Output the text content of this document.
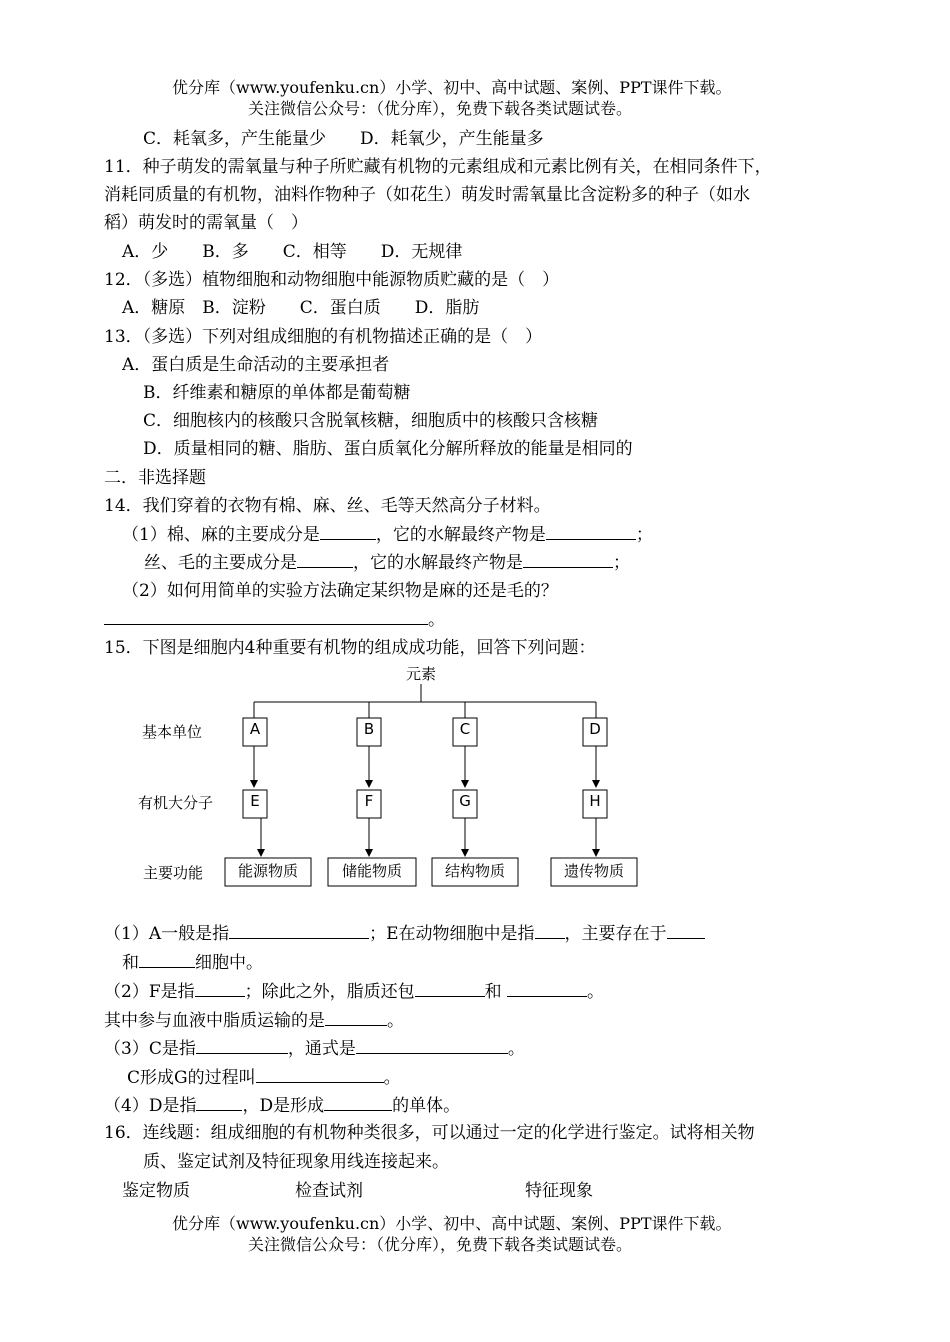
优分库（www.youfenku.cn）小学、初中、高中试题、案例、PPT课件下载。
关注微信公众号：（优分库），免费下载各类试题试卷。
C．耗氧多，产生能量少　　D．耗氧少，产生能量多
11．种子萌发的需氧量与种子所贮藏有机物的元素组成和元素比例有关，在相同条件下，
消耗同质量的有机物，油料作物种子（如花生）萌发时需氧量比含淀粉多的种子（如水
稻）萌发时的需氧量（　）
A．少　　B．多　　C．相等　　D．无规律
12．（多选）植物细胞和动物细胞中能源物质贮藏的是（　）
A．糖原　B．淀粉　　C．蛋白质　　D．脂肪
13．（多选）下列对组成细胞的有机物描述正确的是（　）
A．蛋白质是生命活动的主要承担者
B．纤维素和糖原的单体都是葡萄糖
C．细胞核内的核酸只含脱氧核糖，细胞质中的核酸只含核糖
D．质量相同的糖、脂肪、蛋白质氧化分解所释放的能量是相同的
二．非选择题
14．我们穿着的衣物有棉、麻、丝、毛等天然高分子材料。
（1）棉、麻的主要成分是	，它的水解最终产物是	；
丝、毛的主要成分是	，它的水解最终产物是	；
（2）如何用简单的实验方法确定某织物是麻的还是毛的？
。
15．下图是细胞内4种重要有机物的组成成功能，回答下列问题：
元素
基本单位
有机大分子
主要功能
A	B	C	D
E	F	G	H
能源物质	储能物质	结构物质	遗传物质
（1）A一般是指	；E在动物细胞中是指 ，主要存在于
和	细胞中。
（2）F是指	；除此之外，脂质还包	和	。
其中参与血液中脂质运输的是	。
（3）C是指	，通式是	。
C形成G的过程叫	。
（4）D是指	，D是形成	的单体。
16．连线题：组成细胞的有机物种类很多，可以通过一定的化学进行鉴定。试将相关物
质、鉴定试剂及特征现象用线连接起来。
鉴定物质	检查试剂	特征现象
优分库（www.youfenku.cn）小学、初中、高中试题、案例、PPT课件下载。
关注微信公众号：（优分库），免费下载各类试题试卷。
